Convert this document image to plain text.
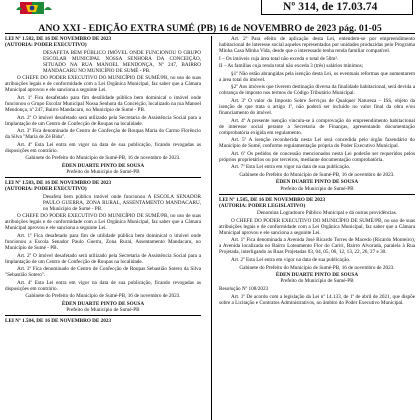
Nº 314, de 17.03.74
ANO XXI - EDIÇÃO EXTRA SUMÉ (PB) 16 de NOVEMBRO de 2023 pág. 01-05

LEI Nº 1.582, DE 16 DE NOVEMBRO DE 2023
(AUTORIA: PODER EXECUTIVO)

DESAFETA BEM PÚBLICO IMÓVEL ONDE FUNCIONOU O GRUPO ESCOLAR MUNICIPAL NOSSA SENHORA DA CONCEIÇÃO, SITUADO NA RUA MANOEL MENDONÇA, Nº 247, BAIRRO MANDACARU NO MUNICÍPIO DE SUMÉ - PB.

O CHEFE DO PODER EXECUTIVO DO MUNICÍPIO DE SUMÉ/PB, no uso de suas atribuições legais e de conformidade com a Lei Orgânica Municipal, faz saber que a Câmara Municipal aprovou e ele sanciona a seguinte Lei.

Art. 1º Fica desafetado para fim destilidade pública bem dominical o imóvel onde funcionou o Grupo Escolar Municipal Nossa Senhora da Conceição, localizado na rua Manoel Mendonça, nº 247, Bairro Mandacaru, no Município de Sumé - PB.

Art. 2º O imóvel desafetado será utilizado pela Secretaria de Assistência Social para a Implantação de um Centro de Confecção de Roupas na localidade.

Art. 3º Fica denominado de Centro de Confecção de Roupas Maria do Carmo Florêncio da Silva "Maria de Zé Bidu".

Art. 4º Esta Lei entra em vigor na data de sua publicação, ficando revogadas as disposições em contrário.

Gabinete do Prefeito do Município de Sumé-PB, 16 de novembro de 2023.

ÉDEN DUARTE PINTO DE SOUSA

Prefeito do Município de Sumé-PB

LEI Nº 1.583, DE 16 DE NOVEMBRO DE 2023
(AUTORIA: PODER EXECUTIVO)

Desafeta bem público imóvel onde funcionou A ESCOLA SENADOR PAULO GUERRA, ZONA RURAL, ASSENTAMENTO MANDACARU, no Município de Sumé - PB.

O CHEFE DO PODER EXECUTIVO DO MUNICÍPIO DE SUMÉ/PB, no uso de suas atribuições legais e de conformidade com a Lei Orgânica Municipal, faz saber que a Câmara Municipal aprovou e ele sanciona a seguinte Lei.

Art. 1º Fica desafetado para fim de utilidade pública bem dominical o imóvel onde funcionou a Escola Senador Paulo Guerra, Zona Rural, Assentamento Mandacaru, no Município de Sumé - PB.

Art. 2º O imóvel desafetado será utilizado pela Secretaria de Assistência Social para a Implantação de um Centro de Confecção de Roupas na localidade.

Art. 3º Fica denominado de Centro de Confecção de Roupas Sebastião Sotero da Silva "Sebastião Sotero".

Art. 4º Esta Lei entra em vigor na data de sua publicação, ficando revogadas as disposições em contrário.

Gabinete do Prefeito do Município de Sumé-PB, 16 de novembro de 2023.

ÉDEN DUARTE PINTO DE SOUSA

Prefeito do Município de Sumé-PB

LEI Nº 1.584, DE 16 DE NOVEMBRO DE 2023

Art. 2º Para efeito de aplicação desta Lei, entendem-se por empreendimento habitacional de interesse social aqueles representados por unidades produzidas pelo Programa Minha Casa Minha Vida, desde que o interessado tenha renda familiar compatível.

I – Os imóveis cuja área total não exceda o total de 50m².

II – As famílias cuja renda total não exceda 3 (três) salários mínimos;

§1º Não estão abrangidas pela isenção desta Lei, os eventuais reformas que aumentarem a área total do imóvel.

§2º Aos imóveis que tiverem destinação diversa da finalidade habitacional, será devida a cobrança de imposto nos termos do Código Tributário Municipal.

Art. 3º O valor do Imposto Sobre Serviços de Qualquer Natureza – ISS, objeto da isenção de que trata o artigo 1º, não poderá ser incluído no valor final da obra e/ou financiamento do imóvel.

Art. 4º A presente isenção vincula-se à comprovação do empreendimento habitacional de interesse social perante a Secretaria de Finanças, apresentando documentação comprobatória exigida em regulamento.

Art. 5º A isenção reconhecida nesta Lei será concedida pelo órgão fazendário do Município de Sumé, conforme regulamentação própria do Poder Executivo Municipal.

Art. 6º Os pedidos de concessão mencionados nesta Lei poderão ser requeridos pelos próprios proprietários ou por terceiros, mediante documentação comprobatória.

Art. 7º Esta Lei entra em vigor na data de sua publicação.

Gabinete do Prefeito do Município de Sumé-PB, 16 de novembro de 2023.

ÉDEN DUARTE PINTO DE SOUSA

Prefeito do Município de Sumé-PB

LEI Nº 1.585, DE 16 DE NOVEMBRO DE 2023
(AUTORIA: PODER LEGISLATIVO)

Denomina Logradouro Público Municipal e dá outras providências.

O CHEFE DO PODER EXECUTIVO DO MUNICÍPIO DE SUMÉ/PB, no uso de suas atribuições legais e de conformidade com a Lei Orgânica Municipal, faz saber que a Câmara Municipal aprovou e ele sanciona a seguinte Lei.

Art. 1º Fica denominada a Avenida José Ricardo Torres de Macedo (Ricardo Monteiro), a Avenida localizada no Bairro Loteamento Flor do Cariri, Bairro Alvorada, paralela à Rua Projetada, interligando as Ruas Projetadas 03, 04, 05, 06, 12, 13, 22, 26, 27 e 30.

Art. 2º Esta Lei entra em vigor na data de sua publicação.

Gabinete do Prefeito do Município de Sumé-PB, 16 de novembro de 2023.

ÉDEN DUARTE PINTO DE SOUSA

Prefeito do Município de Sumé-PB

Resolução Nº 108/2023

Art. 1º De acordo com a legislação da Lei nº 14.133, de 1º de abril de 2021, que dispõe sobre a Licitação e Contratos Administrativos, no âmbito do Poder Executivo Municipal.
